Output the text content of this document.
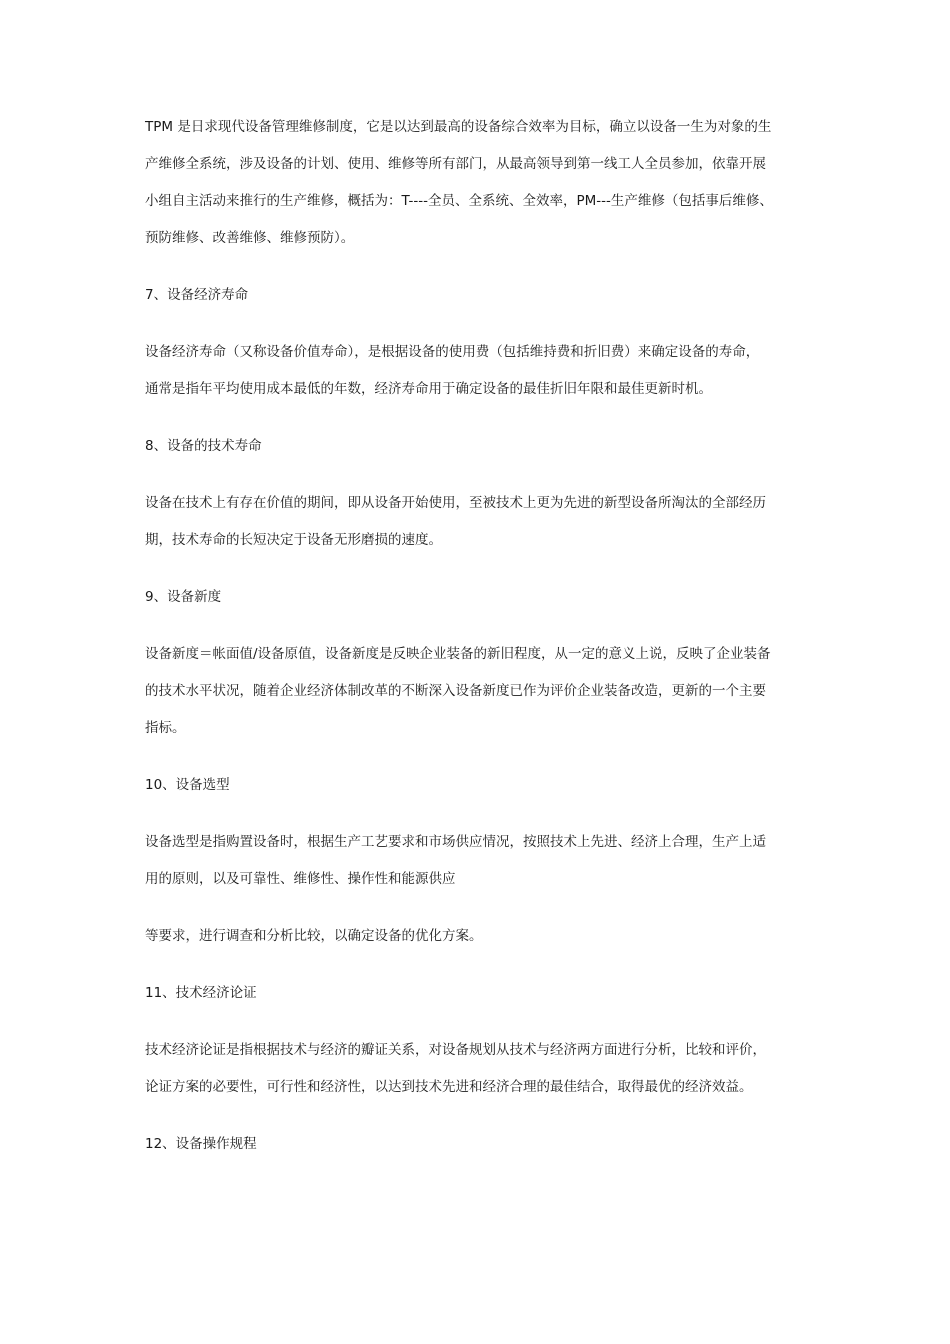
TPM 是日求现代设备管理维修制度，它是以达到最高的设备综合效率为目标，确立以设备一生为对象的生
产维修全系统，涉及设备的计划、使用、维修等所有部门，从最高领导到第一线工人全员参加，依靠开展
小组自主活动来推行的生产维修，概括为：T----全员、全系统、全效率，PM---生产维修（包括事后维修、
预防维修、改善维修、维修预防）。
7、设备经济寿命
设备经济寿命（又称设备价值寿命），是根据设备的使用费（包括维持费和折旧费）来确定设备的寿命，
通常是指年平均使用成本最低的年数，经济寿命用于确定设备的最佳折旧年限和最佳更新时机。
8、设备的技术寿命
设备在技术上有存在价值的期间，即从设备开始使用，至被技术上更为先进的新型设备所淘汰的全部经历
期，技术寿命的长短决定于设备无形磨损的速度。
9、设备新度
设备新度＝帐面值/设备原值，设备新度是反映企业装备的新旧程度，从一定的意义上说，反映了企业装备
的技术水平状况，随着企业经济体制改革的不断深入设备新度已作为评价企业装备改造，更新的一个主要
指标。
10、设备选型
设备选型是指购置设备时，根据生产工艺要求和市场供应情况，按照技术上先进、经济上合理，生产上适
用的原则，以及可靠性、维修性、操作性和能源供应
等要求，进行调查和分析比较，以确定设备的优化方案。
11、技术经济论证
技术经济论证是指根据技术与经济的瓣证关系，对设备规划从技术与经济两方面进行分析，比较和评价，
论证方案的必要性，可行性和经济性，以达到技术先进和经济合理的最佳结合，取得最优的经济效益。
12、设备操作规程
